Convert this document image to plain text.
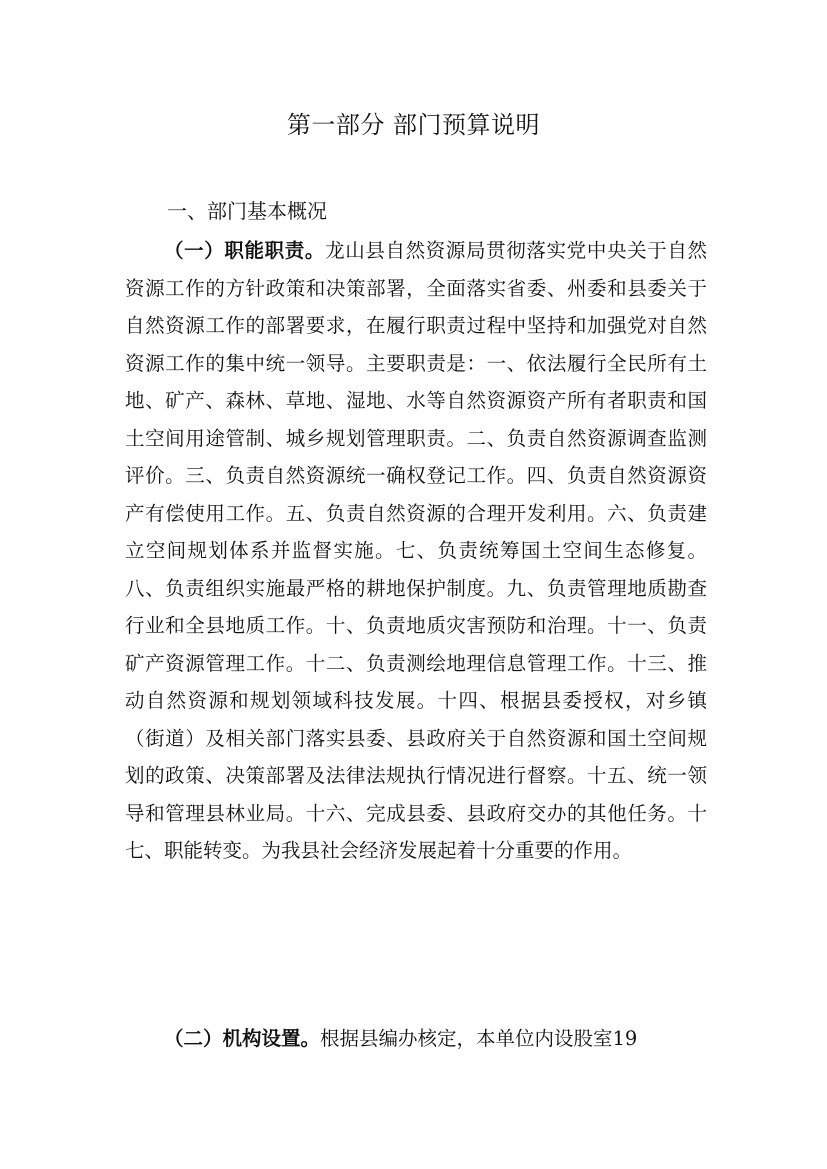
第一部分 部门预算说明
一、部门基本概况

（一）职能职责。龙山县自然资源局贯彻落实党中央关于自然资源工作的方针政策和决策部署，全面落实省委、州委和县委关于自然资源工作的部署要求，在履行职责过程中坚持和加强党对自然资源工作的集中统一领导。主要职责是：一、依法履行全民所有土地、矿产、森林、草地、湿地、水等自然资源资产所有者职责和国土空间用途管制、城乡规划管理职责。二、负责自然资源调查监测评价。三、负责自然资源统一确权登记工作。四、负责自然资源资产有偿使用工作。五、负责自然资源的合理开发利用。六、负责建立空间规划体系并监督实施。七、负责统筹国土空间生态修复。八、负责组织实施最严格的耕地保护制度。九、负责管理地质勘查行业和全县地质工作。十、负责地质灾害预防和治理。十一、负责矿产资源管理工作。十二、负责测绘地理信息管理工作。十三、推动自然资源和规划领域科技发展。十四、根据县委授权，对乡镇（街道）及相关部门落实县委、县政府关于自然资源和国土空间规划的政策、决策部署及法律法规执行情况进行督察。十五、统一领导和管理县林业局。十六、完成县委、县政府交办的其他任务。十七、职能转变。为我县社会经济发展起着十分重要的作用。

（二）机构设置。根据县编办核定，本单位内设股室19
